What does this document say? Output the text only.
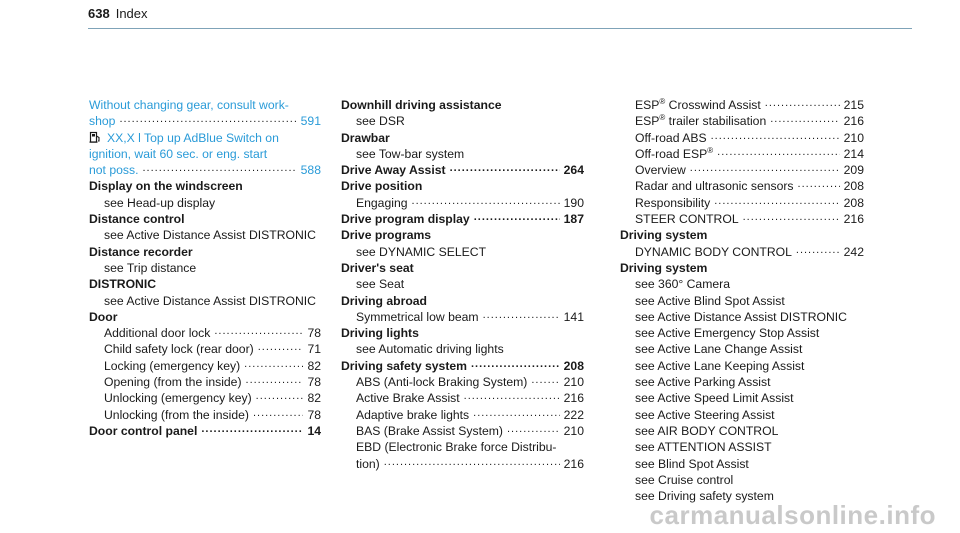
638 Index
Without changing gear, consult work-
shop .....	591
XX,X l Top up AdBlue Switch on
ignition, wait 60 sec. or eng. start
not poss. .....	588
Display on the windscreen
see Head-up display
Distance control
see Active Distance Assist DISTRONIC
Distance recorder
see Trip distance
DISTRONIC
see Active Distance Assist DISTRONIC
Door
Additional door lock .....	78
Child safety lock (rear door) .....	71
Locking (emergency key) .....	82
Opening (from the inside) .....	78
Unlocking (emergency key) .....	82
Unlocking (from the inside) .....	78
Door control panel .....	14
Downhill driving assistance
see DSR
Drawbar
see Tow-bar system
Drive Away Assist .....	264
Drive position
Engaging .....	190
Drive program display .....	187
Drive programs
see DYNAMIC SELECT
Driver's seat
see Seat
Driving abroad
Symmetrical low beam .....	141
Driving lights
see Automatic driving lights
Driving safety system .....	208
ABS (Anti-lock Braking System) .....	210
Active Brake Assist .....	216
Adaptive brake lights .....	222
BAS (Brake Assist System) .....	210
EBD (Electronic Brake force Distribu-
tion) .....	216
ESP® Crosswind Assist .....	215
ESP® trailer stabilisation .....	216
Off-road ABS .....	210
Off-road ESP® .....	214
Overview .....	209
Radar and ultrasonic sensors .....	208
Responsibility .....	208
STEER CONTROL .....	216
Driving system
DYNAMIC BODY CONTROL .....	242
Driving system
see 360° Camera
see Active Blind Spot Assist
see Active Distance Assist DISTRONIC
see Active Emergency Stop Assist
see Active Lane Change Assist
see Active Lane Keeping Assist
see Active Parking Assist
see Active Speed Limit Assist
see Active Steering Assist
see AIR BODY CONTROL
see ATTENTION ASSIST
see Blind Spot Assist
see Cruise control
see Driving safety system
carmanualsonline.info
